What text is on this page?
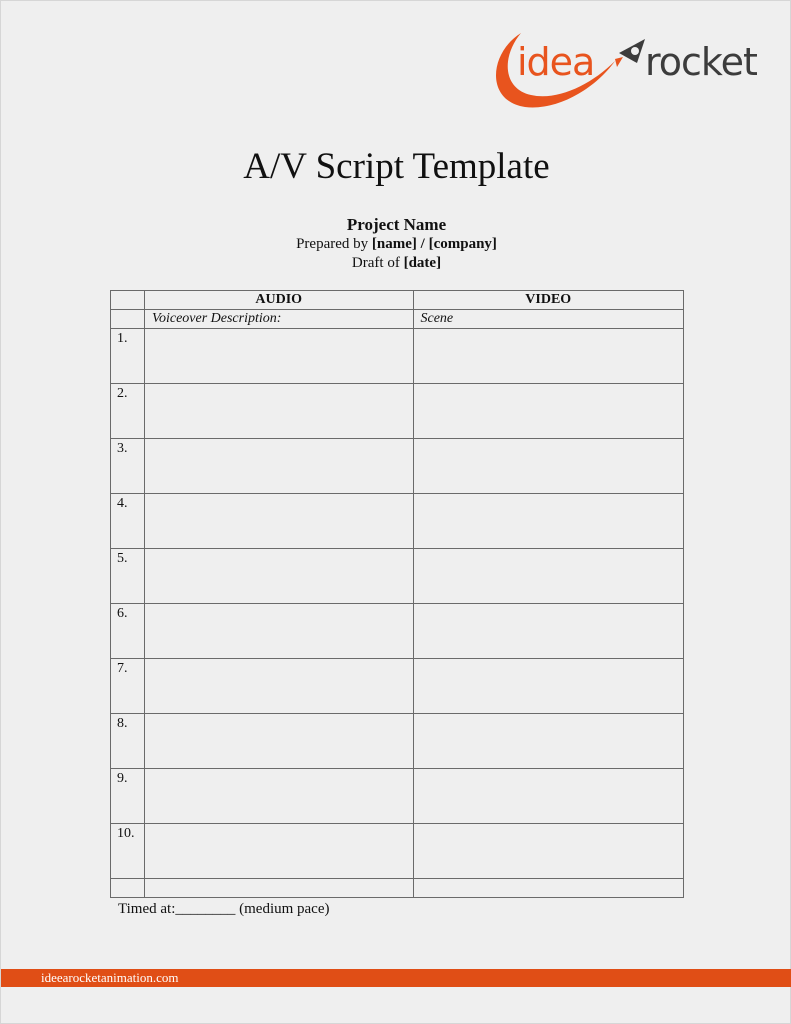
idea rocket
A/V Script Template
Project Name
Prepared by [name] / [company]
Draft of [date]
	AUDIO	VIDEO
	Voiceover Description:	Scene
1.		
2.		
3.		
4.		
5.		
6.		
7.		
8.		
9.		
10.		

Timed at:________ (medium pace)
ideearocketanimation.com
